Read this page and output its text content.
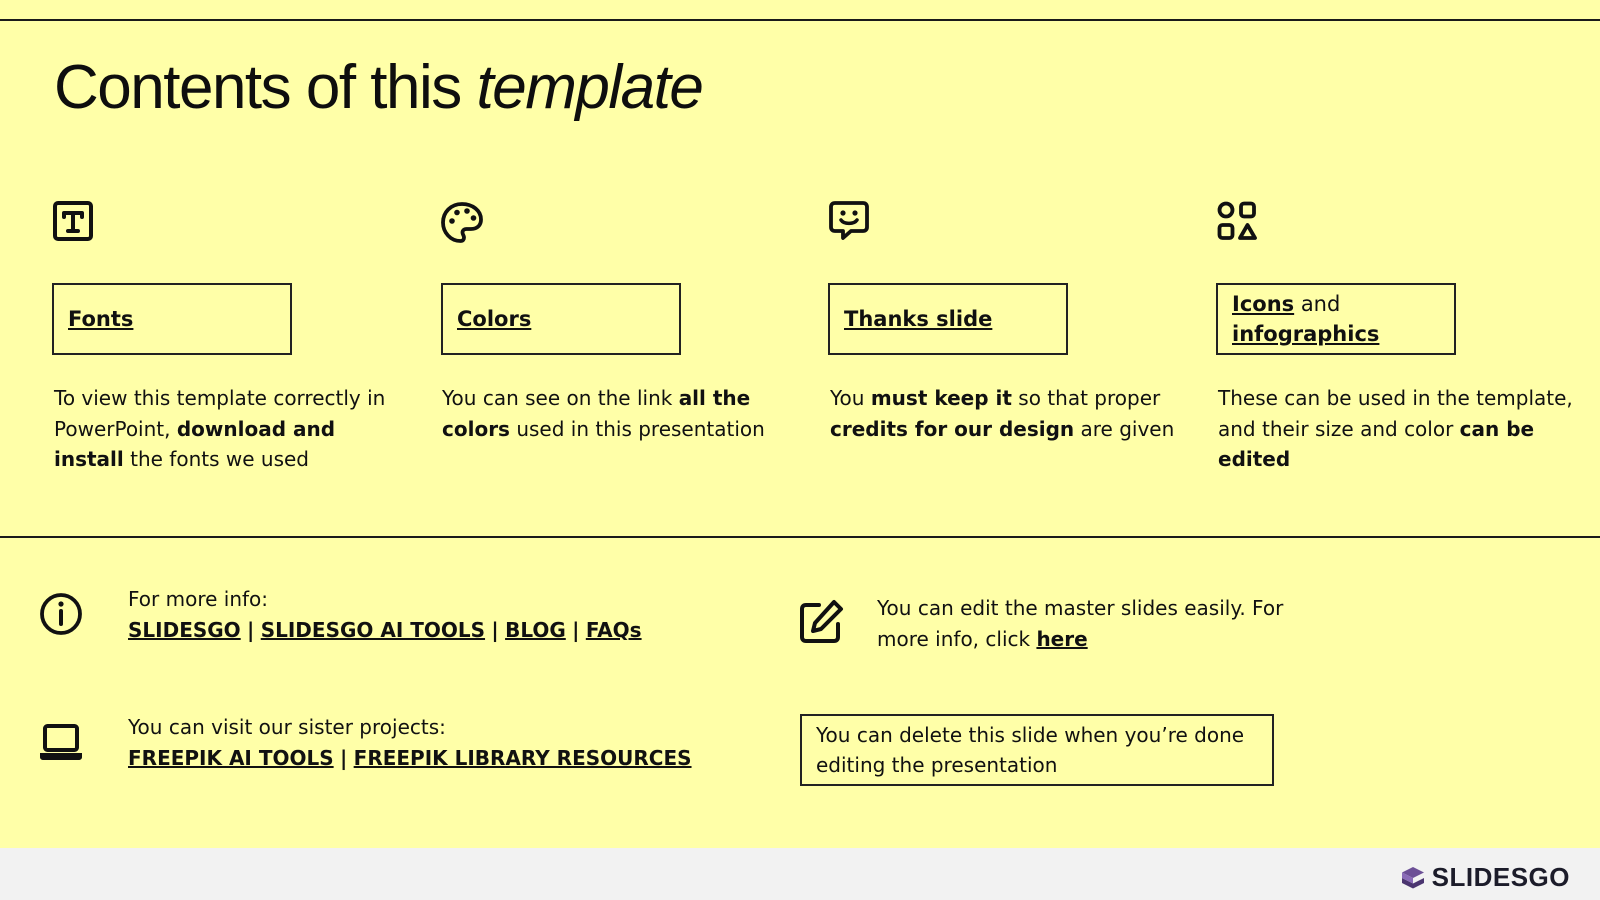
Contents of this template
Fonts

To view this template correctly in PowerPoint, download and install the fonts we used

Colors

You can see on the link all the colors used in this presentation

Thanks slide

You must keep it so that proper credits for our design are given

Icons and
infographics

These can be used in the template, and their size and color can be edited

For more info:
SLIDESGO | SLIDESGO AI TOOLS | BLOG | FAQs
You can visit our sister projects:
FREEPIK AI TOOLS | FREEPIK LIBRARY RESOURCES
You can edit the master slides easily. For more info, click here
You can delete this slide when you’re done editing the presentation
SLIDESGO
